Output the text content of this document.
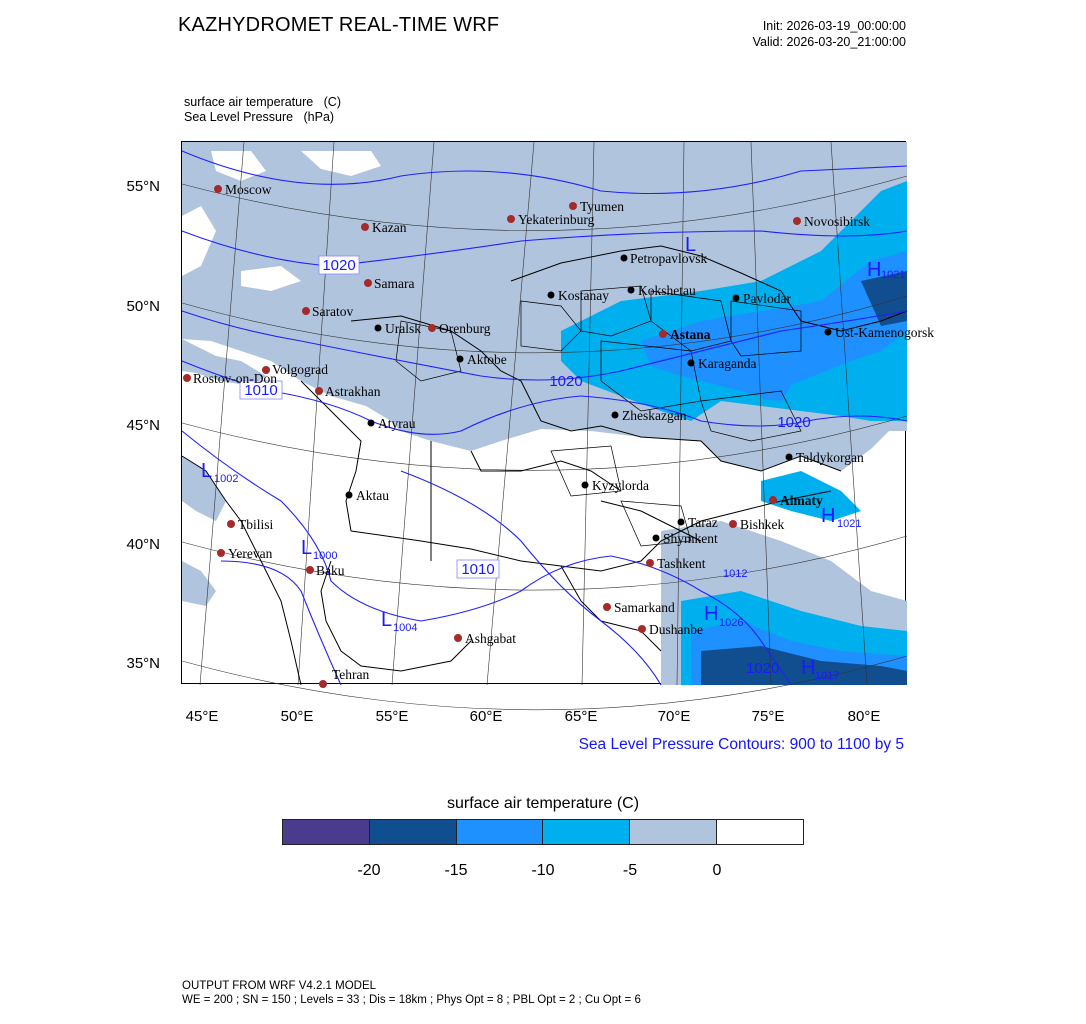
KAZHYDROMET REAL-TIME WRF	Init: 2026-03-19_00:00:00
Valid: 2026-03-20_21:00:00
surface air temperature   (C)
Sea Level Pressure   (hPa)
55°N
50°N
45°N
40°N
35°N
45°E	50°E	55°E	60°E	65°E	70°E	75°E	80°E
1020
1010
1020
1020
1010
L 1002
L 1000
L 1004
H 1021
H 1021
H 1026
H 1017
1012
1020
L
Moscow
Kazan
Tyumen
Yekaterinburg	Novosibirsk
Samara
Saratov
Orenburg
Volgograd
Rostov-on-Don
Astrakhan
Astana
Almaty
Bishkek
Tbilisi
Yerevan
Baku	Tashkent
Samarkand
Dushanbe
Ashgabat
Tehran
Petropavlovsk
Kostanay Kokshetau
Pavlodar
Uralsk
Aktobe
Ust-Kamenogorsk
Karaganda
Atyrau
Zheskazgan
Taldykorgan
Aktau
Kyzylorda
Taraz
Shymkent
Sea Level Pressure Contours: 900 to 1100 by 5
surface air temperature (C)
-20	-15	-10	-5	0
OUTPUT FROM WRF V4.2.1 MODEL
WE = 200 ; SN = 150 ; Levels = 33 ; Dis = 18km ; Phys Opt = 8 ; PBL Opt = 2 ; Cu Opt = 6
